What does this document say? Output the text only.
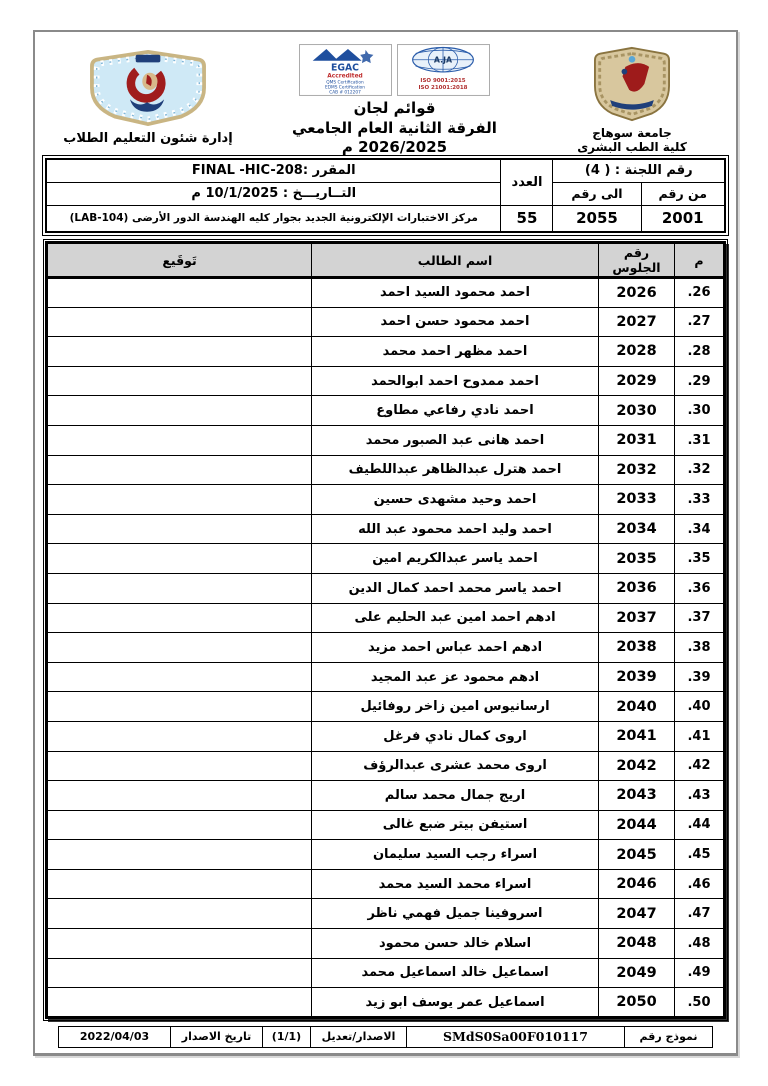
جامعة سوهاج
كلية الطب البشرى
EGAC
Accredited
QMS Certification
EDMS Certification
CAB # 012207
A.JA
ISO 9001:2015
ISO 21001:2018
قوائم لجان
الفرقة الثانية العام الجامعي 2026/2025 م
إدارة شئون التعليم الطلاب
رقم اللجنة : ( 4)		العدد	المقرر :FINAL -HIC-208
من رقم	الى رقم		التــاريـــخ : 10/1/2025 م
2001	2055	55	مركز الاختبارات الإلكترونية الجديد بجوار كليه الهندسة الدور الأرضى (LAB-104)
م	رقم الجلوس	اسم الطالب	تَوقَيع
.26	2026	احمد محمود السيد احمد	
.27	2027	احمد محمود حسن احمد	
.28	2028	احمد مظهر احمد محمد	
.29	2029	احمد ممدوح احمد ابوالحمد	
.30	2030	احمد نادي رفاعي مطاوع	
.31	2031	احمد هانى عبد الصبور محمد	
.32	2032	احمد هترل عبدالظاهر عبداللطيف	
.33	2033	احمد وحيد مشهدى حسين	
.34	2034	احمد وليد احمد محمود عبد الله	
.35	2035	احمد ياسر عبدالكريم امين	
.36	2036	احمد ياسر محمد احمد كمال الدين	
.37	2037	ادهم احمد امين عبد الحليم على	
.38	2038	ادهم احمد عباس احمد مزيد	
.39	2039	ادهم محمود عز عبد المجيد	
.40	2040	ارسانيوس امين زاخر روفائيل	
.41	2041	اروى كمال نادي فرغل	
.42	2042	اروى محمد عشرى عبدالرؤف	
.43	2043	اريج جمال محمد سالم	
.44	2044	استيفن بيتر ضبع غالى	
.45	2045	اسراء رجب السيد سليمان	
.46	2046	اسراء محمد السيد محمد	
.47	2047	اسروفينا جميل فهمي ناظر	
.48	2048	اسلام خالد حسن محمود	
.49	2049	اسماعيل خالد اسماعيل محمد	
.50	2050	اسماعيل عمر يوسف ابو زيد	
نموذج رقم	SMdS0Sa00F010117	الاصدار/تعديل	(1/1)	تاريخ الاصدار	2022/04/03
